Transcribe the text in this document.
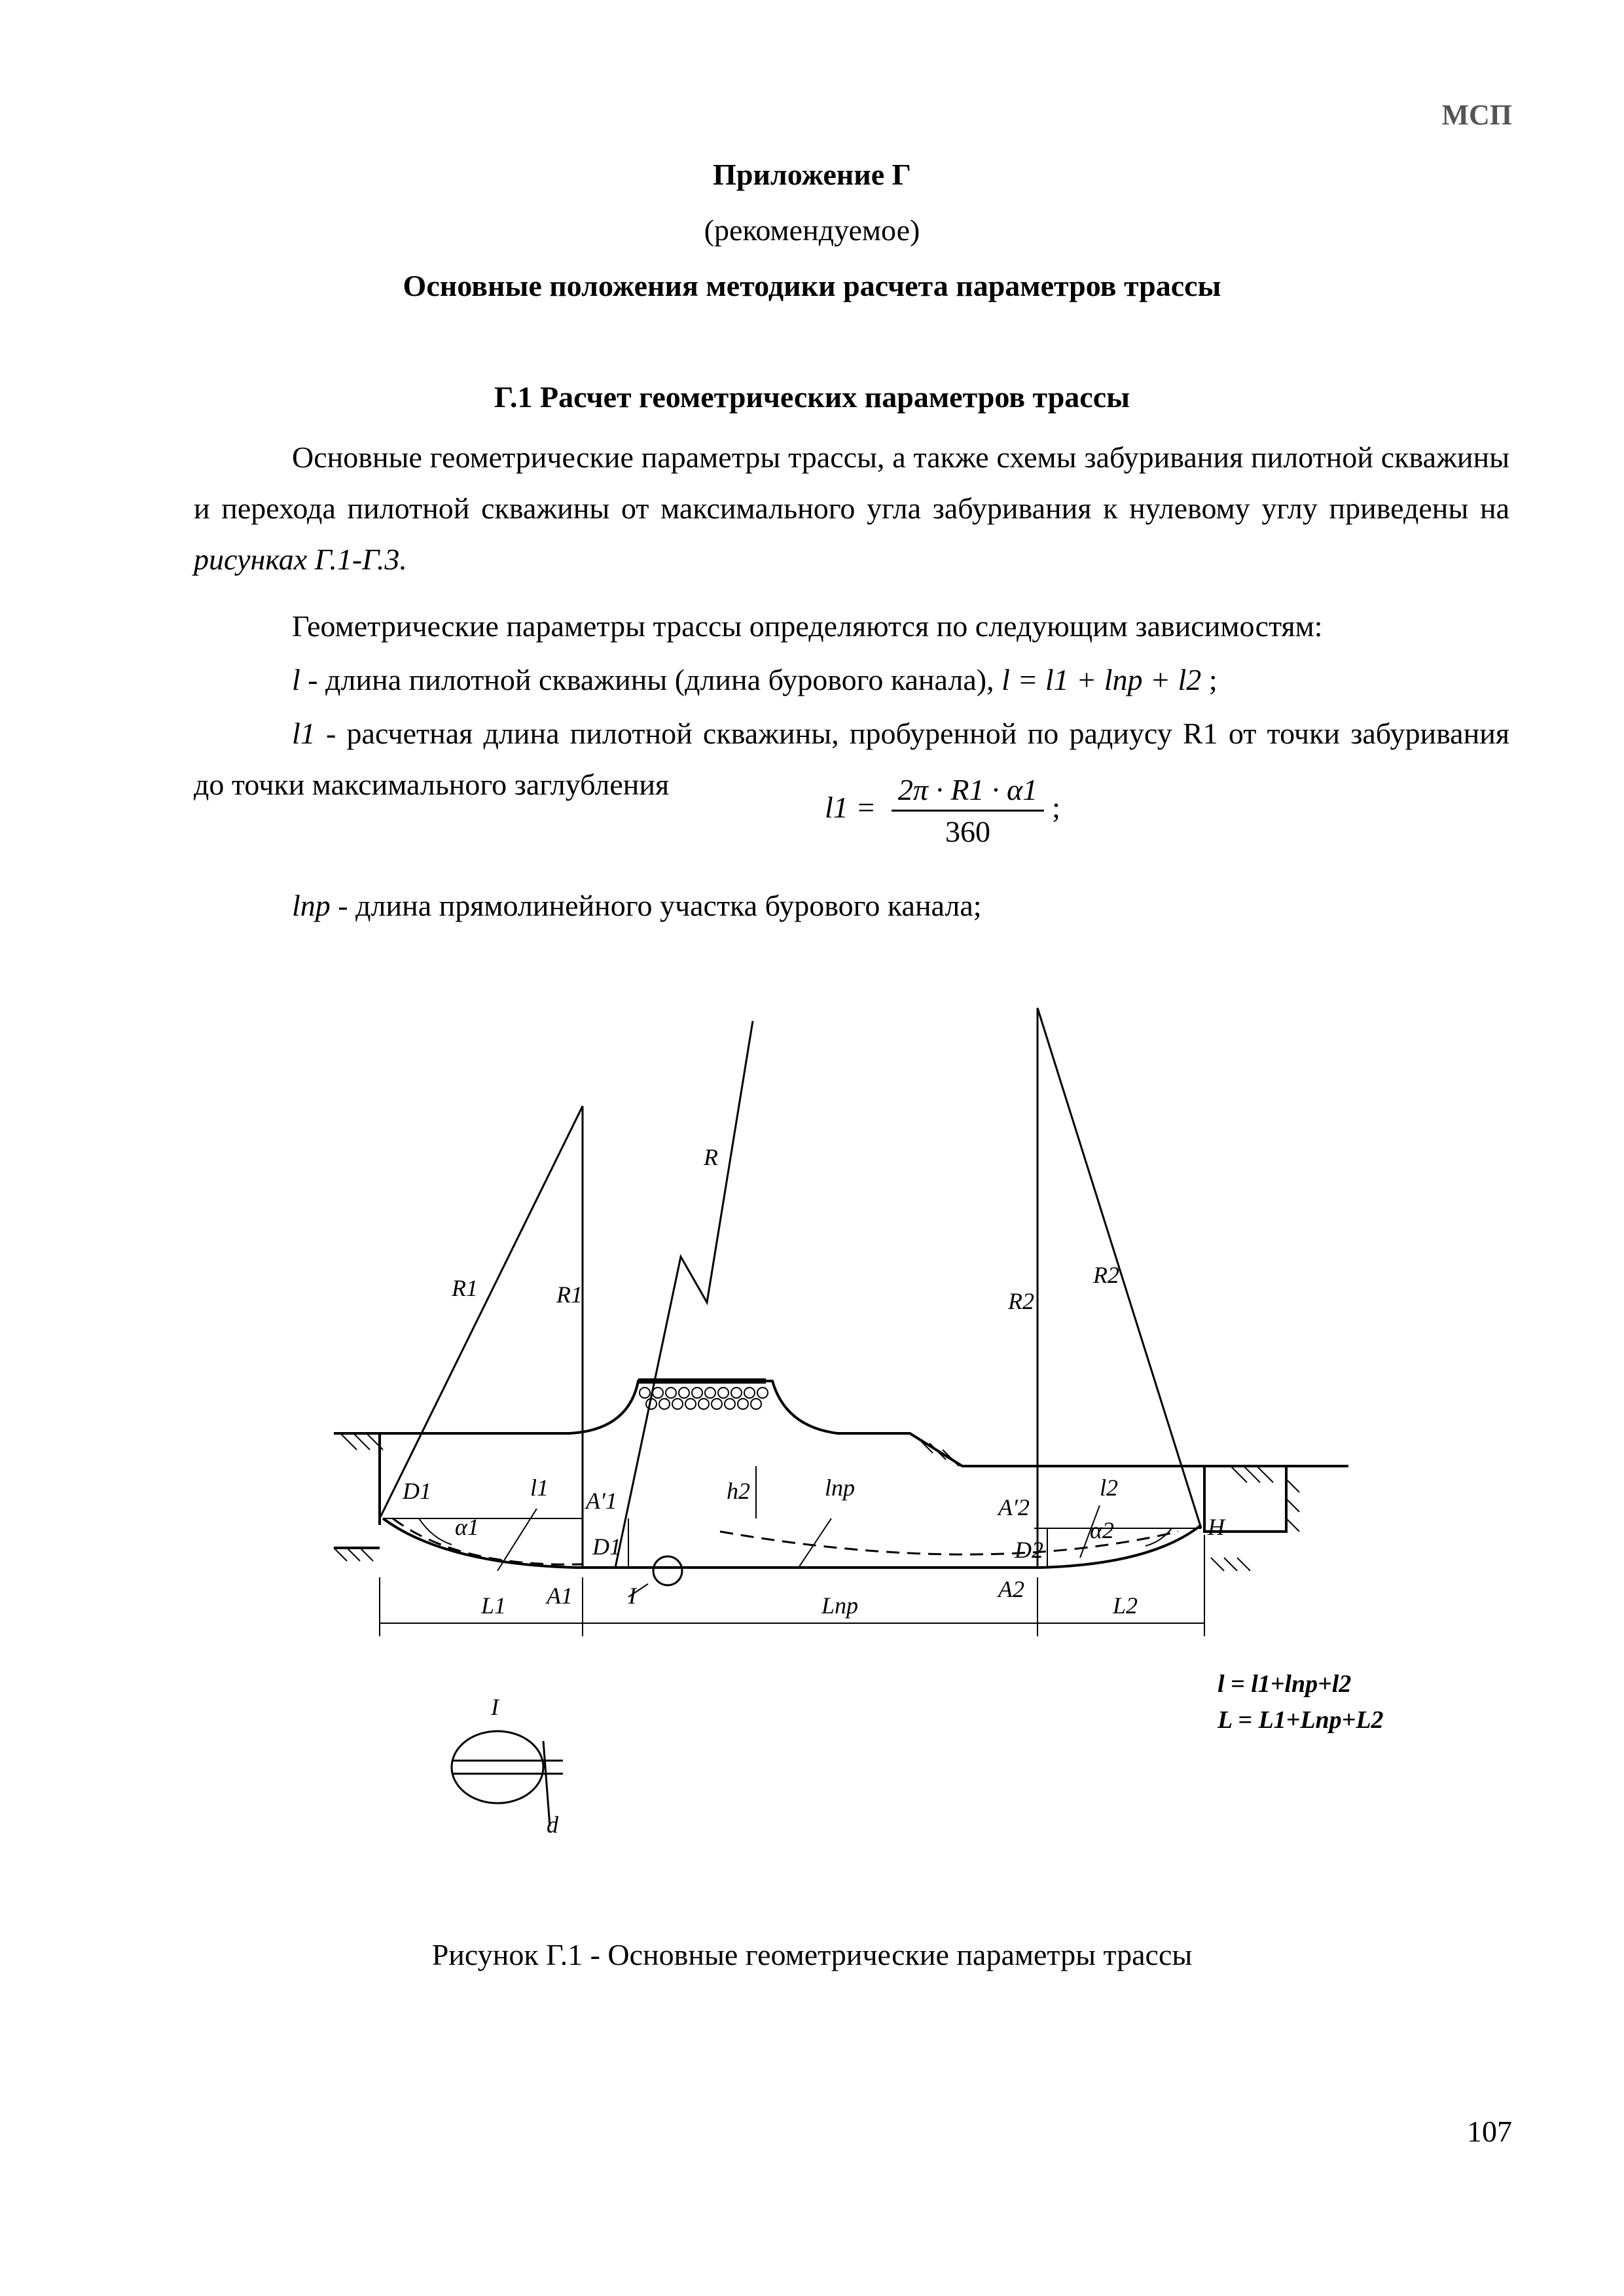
МСП
Приложение Г
(рекомендуемое)
Основные положения методики расчета параметров трассы
Г.1 Расчет геометрических параметров трассы
Основные геометрические параметры трассы, а также схемы забуривания пилотной скважины и перехода пилотной скважины от максимального угла забуривания к нулевому углу приведены на рисунках Г.1-Г.3.
Геометрические параметры трассы определяются по следующим зависимостям:
l - длина пилотной скважины (длина бурового канала), l = l1 + lпр + l2 ;
l1 - расчетная длина пилотной скважины, пробуренной по радиусу R1 от точки забуривания до точки максимального заглубления
$l1 = \frac{2\pi \cdot R1 \cdot \alpha 1}{360}$ ;
lпр - длина прямолинейного участка бурового канала;
R1	R1
R
R2
R2
D1	l1 A′1
D1
α1
h2	lпр
A′2
l2
D2
α2	H
I
L1 A1	Lпр
A2
L2
I
d
l = l1+lпр+l2
L = L1+Lпр+L2
Рисунок Г.1 - Основные геометрические параметры трассы
107
